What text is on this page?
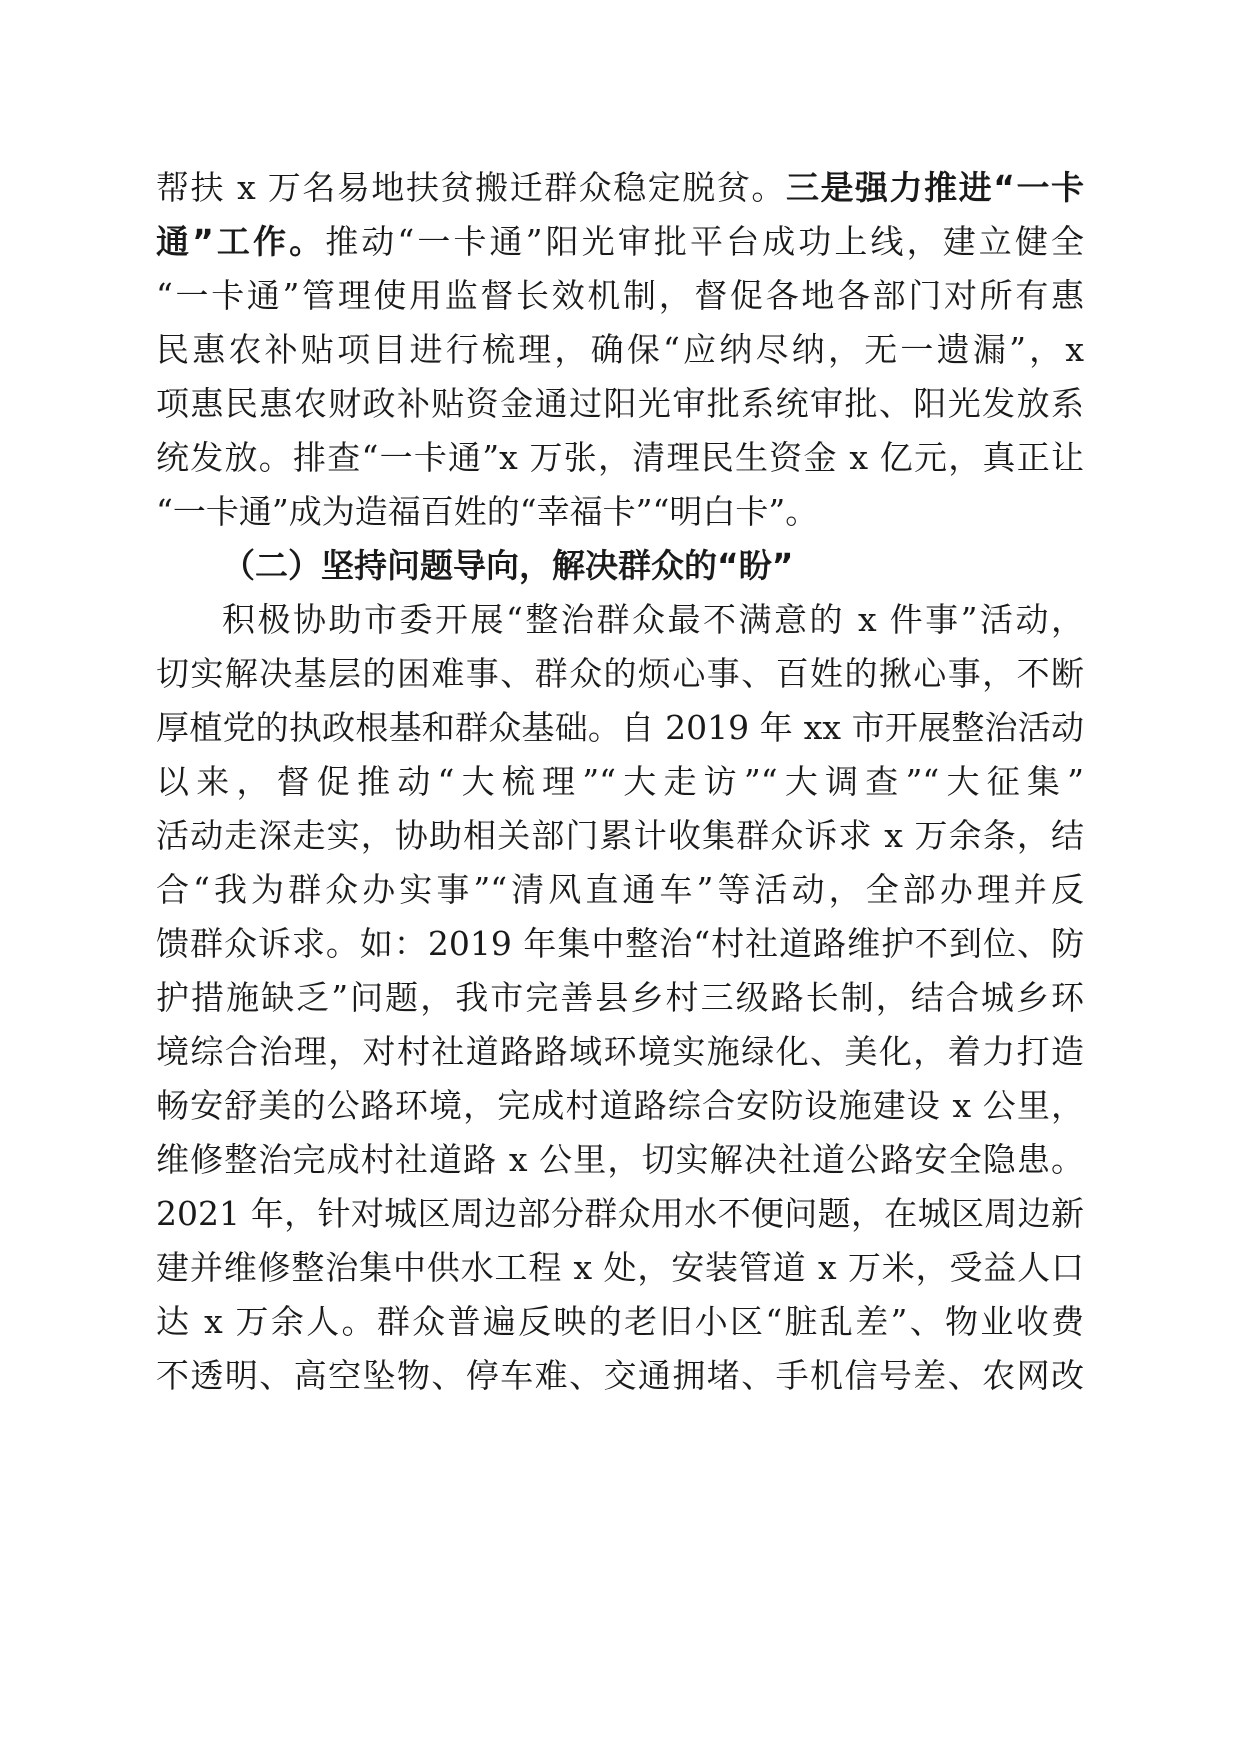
帮扶 x 万名易地扶贫搬迁群众稳定脱贫。三是强力推进“一卡
通”工作。推动“一卡通”阳光审批平台成功上线，建立健全
“一卡通”管理使用监督长效机制，督促各地各部门对所有惠
民惠农补贴项目进行梳理，确保“应纳尽纳，无一遗漏”，x
项惠民惠农财政补贴资金通过阳光审批系统审批、阳光发放系
统发放。排查“一卡通”x 万张，清理民生资金 x 亿元，真正让
“一卡通”成为造福百姓的“幸福卡”“明白卡”。
（二）坚持问题导向，解决群众的“盼”
积极协助市委开展“整治群众最不满意的 x 件事”活动，
切实解决基层的困难事、群众的烦心事、百姓的揪心事，不断
厚植党的执政根基和群众基础。自 2019 年 xx 市开展整治活动
以来，督促推动“大梳理”“大走访”“大调查”“大征集”
活动走深走实，协助相关部门累计收集群众诉求 x 万余条，结
合“我为群众办实事”“清风直通车”等活动，全部办理并反
馈群众诉求。如：2019 年集中整治“村社道路维护不到位、防
护措施缺乏”问题，我市完善县乡村三级路长制，结合城乡环
境综合治理，对村社道路路域环境实施绿化、美化，着力打造
畅安舒美的公路环境，完成村道路综合安防设施建设 x 公里，
维修整治完成村社道路 x 公里，切实解决社道公路安全隐患。
2021 年，针对城区周边部分群众用水不便问题，在城区周边新
建并维修整治集中供水工程 x 处，安装管道 x 万米，受益人口
达 x 万余人。群众普遍反映的老旧小区“脏乱差”、物业收费
不透明、高空坠物、停车难、交通拥堵、手机信号差、农网改
